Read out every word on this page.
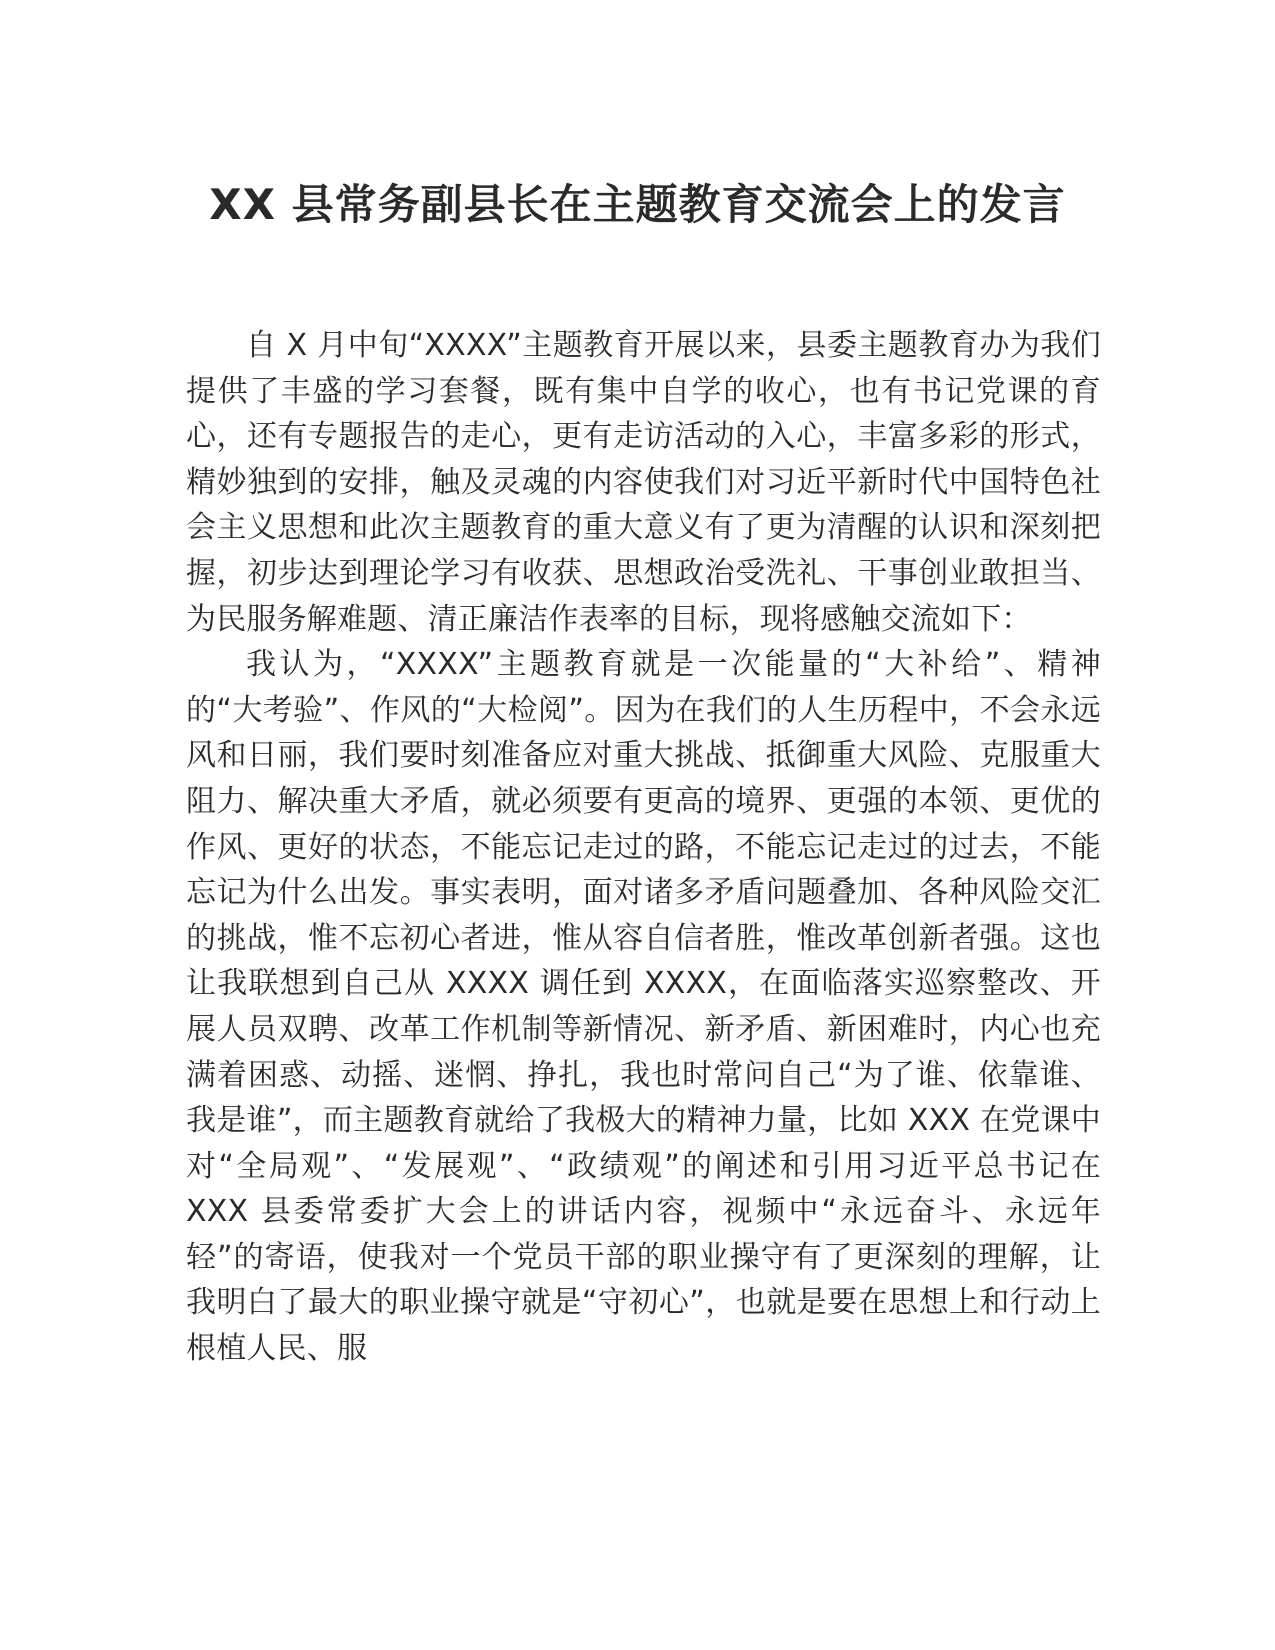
XX 县常务副县长在主题教育交流会上的发言

自 X 月中旬“XXXX”主题教育开展以来，县委主题教育办为我们提供了丰盛的学习套餐，既有集中自学的收心，也有书记党课的育心，还有专题报告的走心，更有走访活动的入心，丰富多彩的形式，精妙独到的安排，触及灵魂的内容使我们对习近平新时代中国特色社会主义思想和此次主题教育的重大意义有了更为清醒的认识和深刻把握，初步达到理论学习有收获、思想政治受洗礼、干事创业敢担当、为民服务解难题、清正廉洁作表率的目标，现将感触交流如下：

我认为，“XXXX”主题教育就是一次能量的“大补给”、精神的“大考验”、作风的“大检阅”。因为在我们的人生历程中，不会永远风和日丽，我们要时刻准备应对重大挑战、抵御重大风险、克服重大阻力、解决重大矛盾，就必须要有更高的境界、更强的本领、更优的作风、更好的状态，不能忘记走过的路，不能忘记走过的过去，不能忘记为什么出发。事实表明，面对诸多矛盾问题叠加、各种风险交汇的挑战，惟不忘初心者进，惟从容自信者胜，惟改革创新者强。这也让我联想到自己从 XXXX 调任到 XXXX，在面临落实巡察整改、开展人员双聘、改革工作机制等新情况、新矛盾、新困难时，内心也充满着困惑、动摇、迷惘、挣扎，我也时常问自己“为了谁、依靠谁、我是谁”，而主题教育就给了我极大的精神力量，比如 XXX 在党课中对“全局观”、“发展观”、“政绩观”的阐述和引用习近平总书记在 XXX 县委常委扩大会上的讲话内容，视频中“永远奋斗、永远年轻”的寄语，使我对一个党员干部的职业操守有了更深刻的理解，让我明白了最大的职业操守就是“守初心”，也就是要在思想上和行动上根植人民、服
